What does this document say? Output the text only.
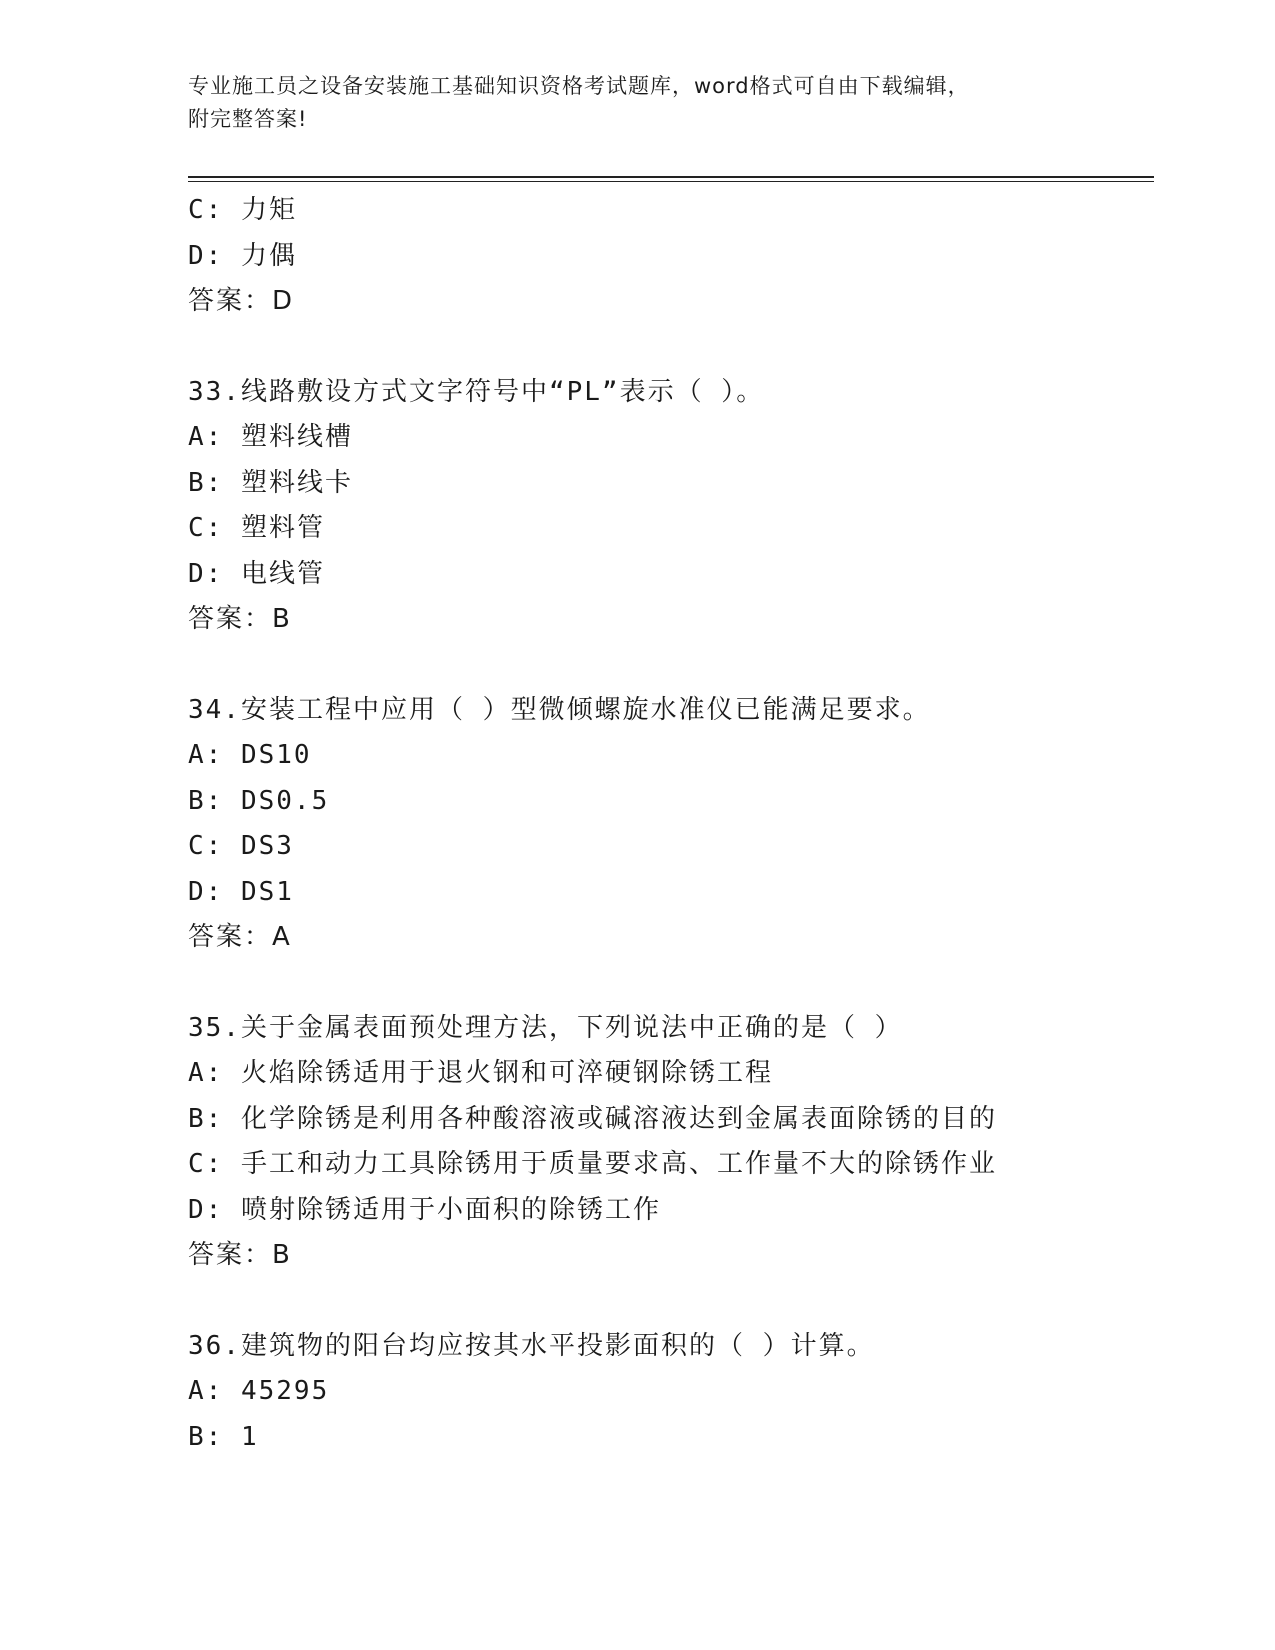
专业施工员之设备安装施工基础知识资格考试题库，word格式可自由下载编辑，

附完整答案!

C: 力矩
D: 力偶
答案：D
33.线路敷设方式文字符号中“PL”表示（ ）。
A: 塑料线槽
B: 塑料线卡
C: 塑料管
D: 电线管
答案：B
34.安装工程中应用（ ）型微倾螺旋水准仪已能满足要求。
A: DS10
B: DS0.5
C: DS3
D: DS1
答案：A
35.关于金属表面预处理方法，下列说法中正确的是（ ）
A: 火焰除锈适用于退火钢和可淬硬钢除锈工程
B: 化学除锈是利用各种酸溶液或碱溶液达到金属表面除锈的目的
C: 手工和动力工具除锈用于质量要求高、工作量不大的除锈作业
D: 喷射除锈适用于小面积的除锈工作
答案：B
36.建筑物的阳台均应按其水平投影面积的（ ）计算。
A: 45295
B: 1
